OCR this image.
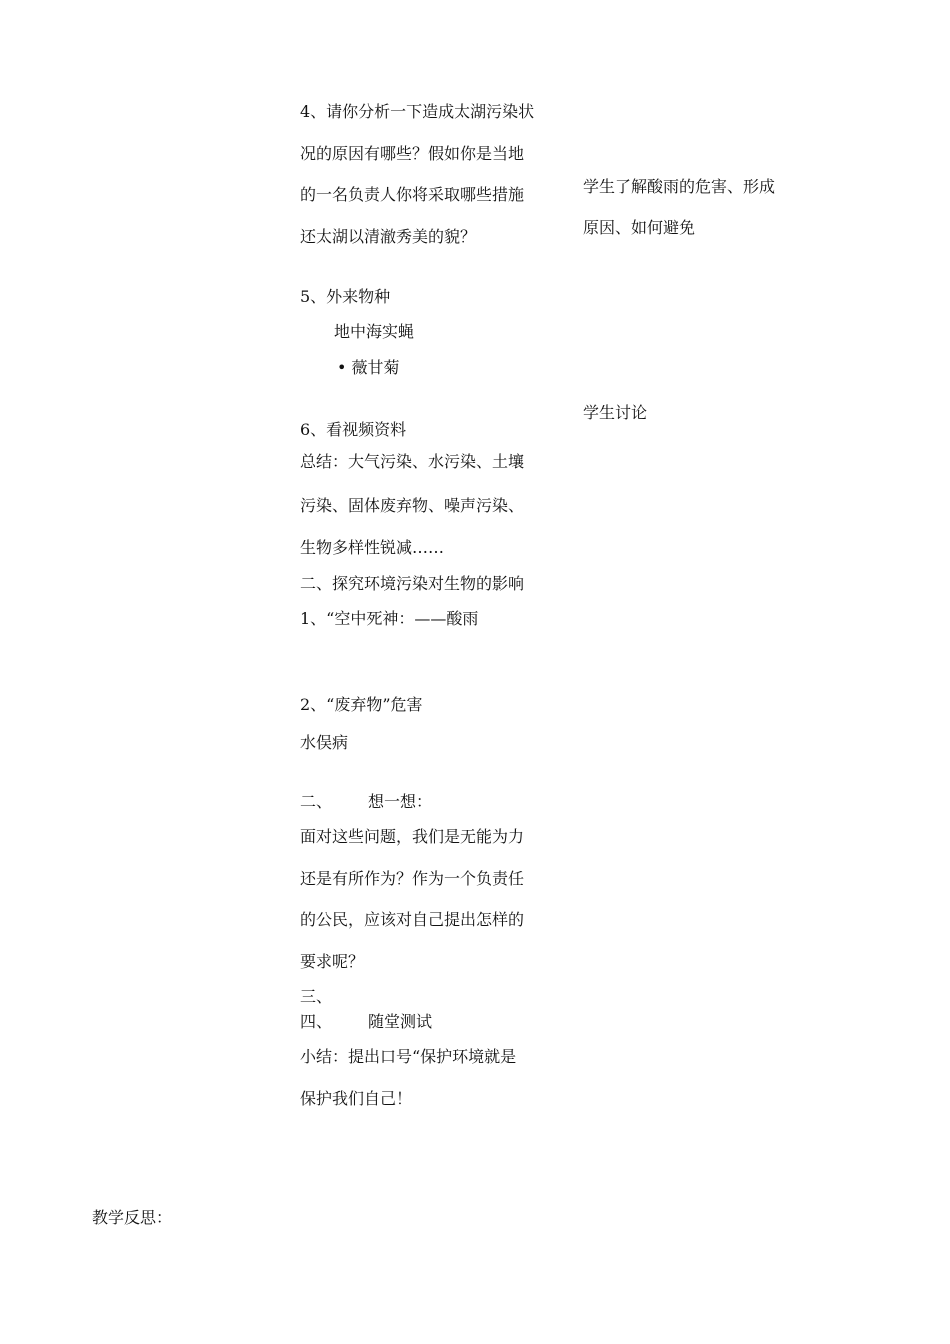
4、请你分析一下造成太湖污染状
况的原因有哪些？假如你是当地
的一名负责人你将采取哪些措施
还太湖以清澈秀美的貌？
5、外来物种
地中海实蝇
• 薇甘菊
6、看视频资料
总结：大气污染、水污染、土壤
污染、固体废弃物、噪声污染、
生物多样性锐减……
二、探究环境污染对生物的影响
1、“空中死神：——酸雨
2、“废弃物”危害
水俣病
二、 想一想：
面对这些问题，我们是无能为力
还是有所作为？作为一个负责任
的公民，应该对自己提出怎样的
要求呢？
三、
四、 随堂测试
小结：提出口号“保护环境就是
保护我们自己！
学生了解酸雨的危害、形成
原因、如何避免
学生讨论
教学反思：
